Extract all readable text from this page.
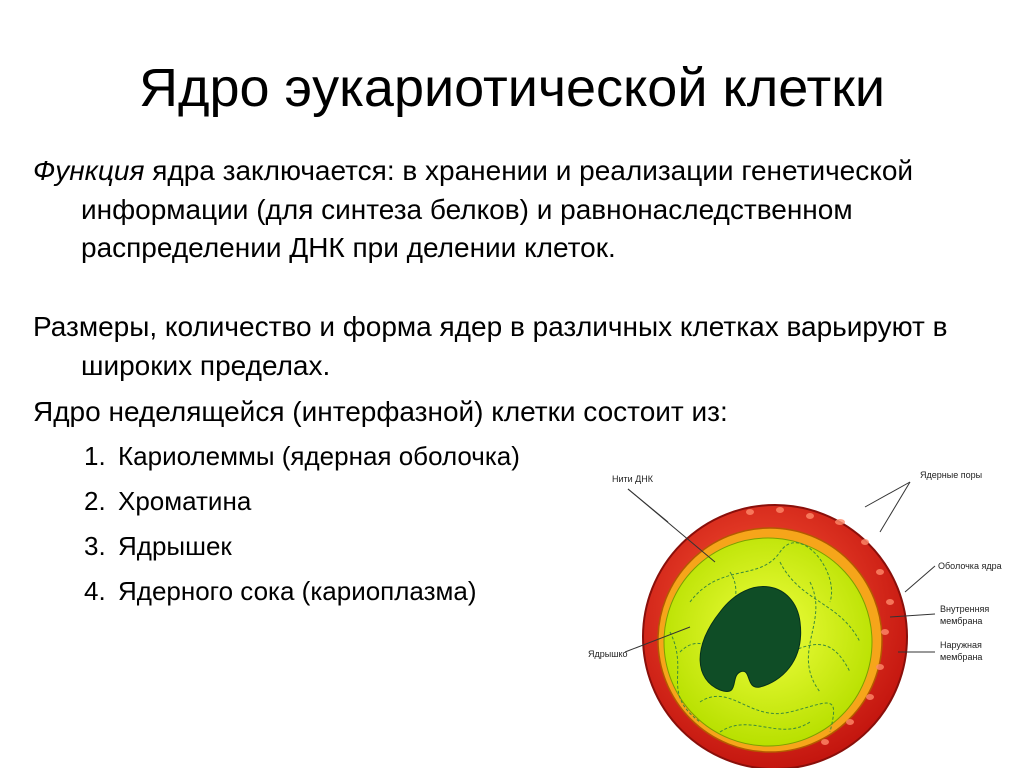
Ядро эукариотической клетки

Функция ядра заключается: в хранении и реализации генетической информации (для синтеза белков) и равнонаследственном распределении ДНК при делении клеток.

Размеры, количество и форма ядер в различных клетках варьируют в широких пределах.

Ядро неделящейся (интерфазной) клетки состоит из:

1. Кариолеммы (ядерная оболочка)
2. Хроматина
3. Ядрышек
4. Ядерного сока (кариоплазма)
Нити ДНК	Ядерные поры
Оболочка ядра
Внутренняя
мембрана
Наружная
мембрана
Ядрышко
